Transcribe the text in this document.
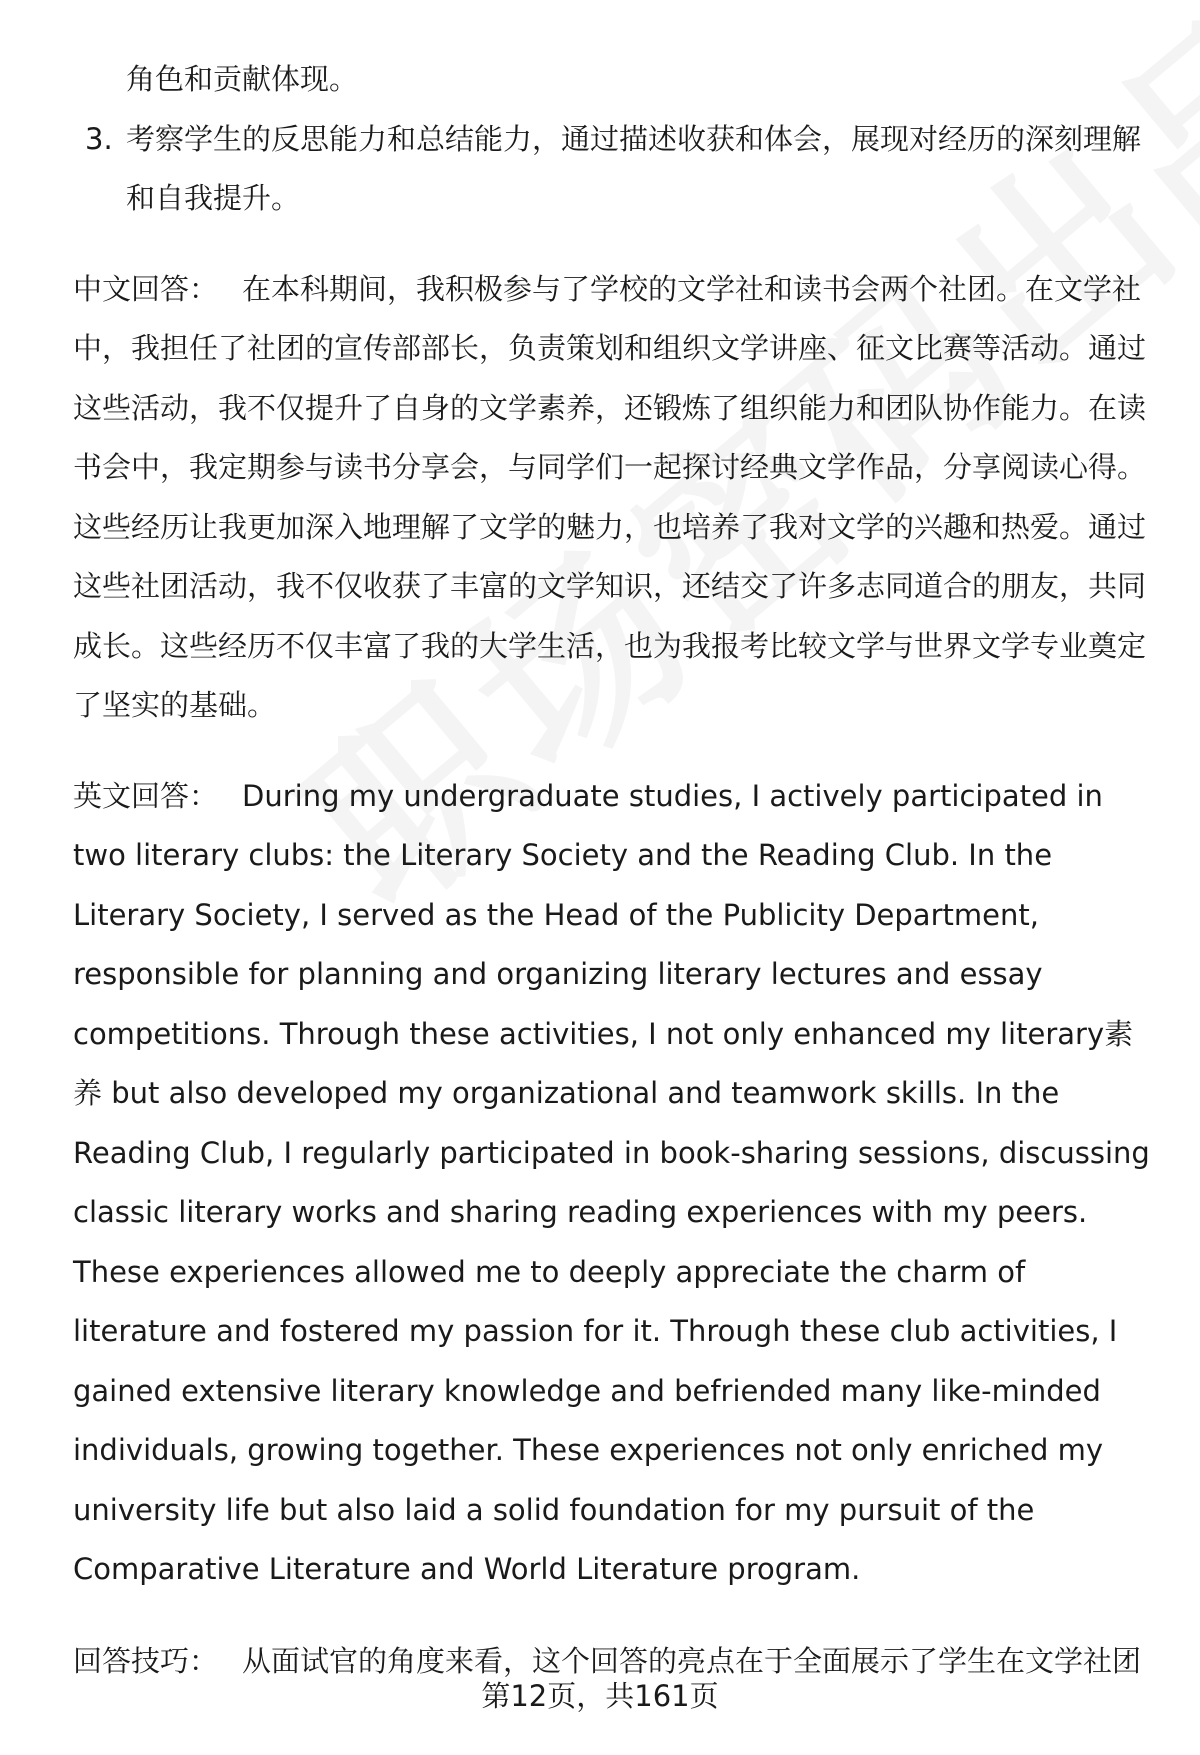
角色和贡献体现。
3. 考察学生的反思能力和总结能力，通过描述收获和体会，展现对经历的深刻理解和自我提升。
中文回答： 在本科期间，我积极参与了学校的文学社和读书会两个社团。在文学社中，我担任了社团的宣传部部长，负责策划和组织文学讲座、征文比赛等活动。通过这些活动，我不仅提升了自身的文学素养，还锻炼了组织能力和团队协作能力。在读书会中，我定期参与读书分享会，与同学们一起探讨经典文学作品，分享阅读心得。这些经历让我更加深入地理解了文学的魅力，也培养了我对文学的兴趣和热爱。通过这些社团活动，我不仅收获了丰富的文学知识，还结交了许多志同道合的朋友，共同成长。这些经历不仅丰富了我的大学生活，也为我报考比较文学与世界文学专业奠定了坚实的基础。
英文回答： During my undergraduate studies, I actively participated in two literary clubs: the Literary Society and the Reading Club. In the Literary Society, I served as the Head of the Publicity Department, responsible for planning and organizing literary lectures and essay competitions. Through these activities, I not only enhanced my literary素养 but also developed my organizational and teamwork skills. In the Reading Club, I regularly participated in book-sharing sessions, discussing classic literary works and sharing reading experiences with my peers. These experiences allowed me to deeply appreciate the charm of literature and fostered my passion for it. Through these club activities, I gained extensive literary knowledge and befriended many like-minded individuals, growing together. These experiences not only enriched my university life but also laid a solid foundation for my pursuit of the Comparative Literature and World Literature program.
回答技巧： 从面试官的角度来看，这个回答的亮点在于全面展示了学生在文学社团
第12页，共161页
